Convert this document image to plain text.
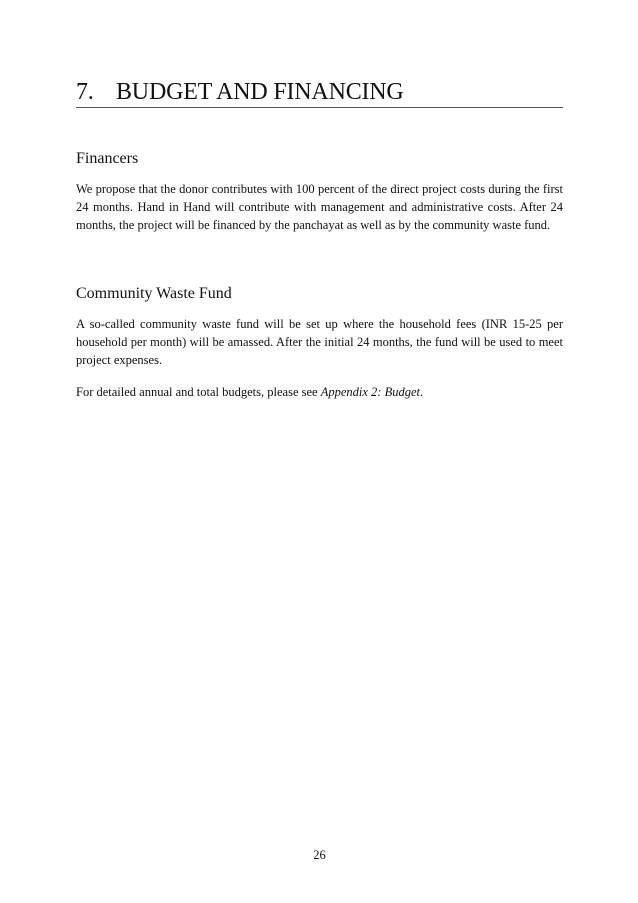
7. BUDGET AND FINANCING
Financers

We propose that the donor contributes with 100 percent of the direct project costs during the first 24 months. Hand in Hand will contribute with management and administrative costs. After 24 months, the project will be financed by the panchayat as well as by the community waste fund.

Community Waste Fund

A so-called community waste fund will be set up where the household fees (INR 15-25 per household per month) will be amassed. After the initial 24 months, the fund will be used to meet project expenses.

For detailed annual and total budgets, please see Appendix 2: Budget.

26
